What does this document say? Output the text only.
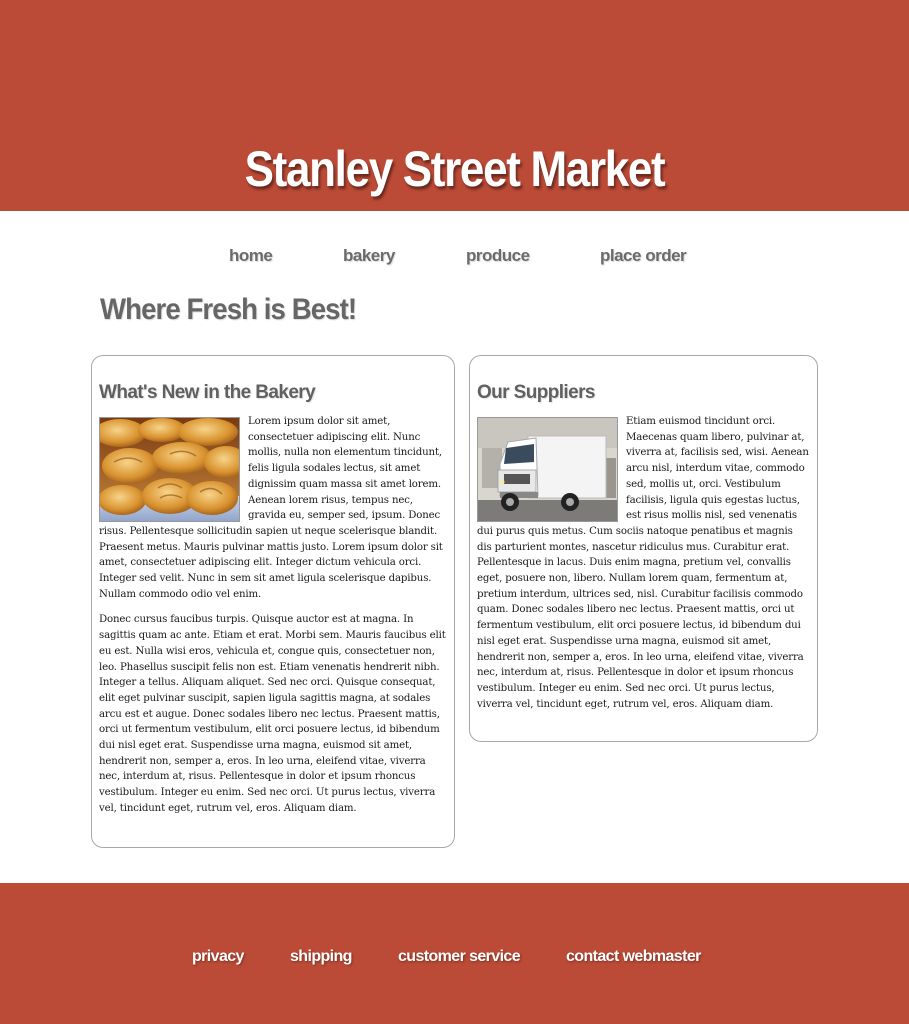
Stanley Street Market
home	bakery	produce	place order
Where Fresh is Best!
What's New in the Bakery

Lorem ipsum dolor sit amet, consectetuer adipiscing elit. Nunc mollis, nulla non elementum tincidunt, felis ligula sodales lectus, sit amet dignissim quam massa sit amet lorem. Aenean lorem risus, tempus nec, gravida eu, semper sed, ipsum. Donec risus. Pellentesque sollicitudin sapien ut neque scelerisque blandit. Praesent metus. Mauris pulvinar mattis justo. Lorem ipsum dolor sit amet, consectetuer adipiscing elit. Integer dictum vehicula orci. Integer sed velit. Nunc in sem sit amet ligula scelerisque dapibus. Nullam commodo odio vel enim.

Donec cursus faucibus turpis. Quisque auctor est at magna. In sagittis quam ac ante. Etiam et erat. Morbi sem. Mauris faucibus elit eu est. Nulla wisi eros, vehicula et, congue quis, consectetuer non, leo. Phasellus suscipit felis non est. Etiam venenatis hendrerit nibh. Integer a tellus. Aliquam aliquet. Sed nec orci. Quisque consequat, elit eget pulvinar suscipit, sapien ligula sagittis magna, at sodales arcu est et augue. Donec sodales libero nec lectus. Praesent mattis, orci ut fermentum vestibulum, elit orci posuere lectus, id bibendum dui nisl eget erat. Suspendisse urna magna, euismod sit amet, hendrerit non, semper a, eros. In leo urna, eleifend vitae, viverra nec, interdum at, risus. Pellentesque in dolor et ipsum rhoncus vestibulum. Integer eu enim. Sed nec orci. Ut purus lectus, viverra vel, tincidunt eget, rutrum vel, eros. Aliquam diam.

Our Suppliers

Etiam euismod tincidunt orci. Maecenas quam libero, pulvinar at, viverra at, facilisis sed, wisi. Aenean arcu nisl, interdum vitae, commodo sed, mollis ut, orci. Vestibulum facilisis, ligula quis egestas luctus, est risus mollis nisl, sed venenatis dui purus quis metus. Cum sociis natoque penatibus et magnis dis parturient montes, nascetur ridiculus mus. Curabitur erat. Pellentesque in lacus. Duis enim magna, pretium vel, convallis eget, posuere non, libero. Nullam lorem quam, fermentum at, pretium interdum, ultrices sed, nisl. Curabitur facilisis commodo quam. Donec sodales libero nec lectus. Praesent mattis, orci ut fermentum vestibulum, elit orci posuere lectus, id bibendum dui nisl eget erat. Suspendisse urna magna, euismod sit amet, hendrerit non, semper a, eros. In leo urna, eleifend vitae, viverra nec, interdum at, risus. Pellentesque in dolor et ipsum rhoncus vestibulum. Integer eu enim. Sed nec orci. Ut purus lectus, viverra vel, tincidunt eget, rutrum vel, eros. Aliquam diam.

privacy	shipping	customer service	contact webmaster
